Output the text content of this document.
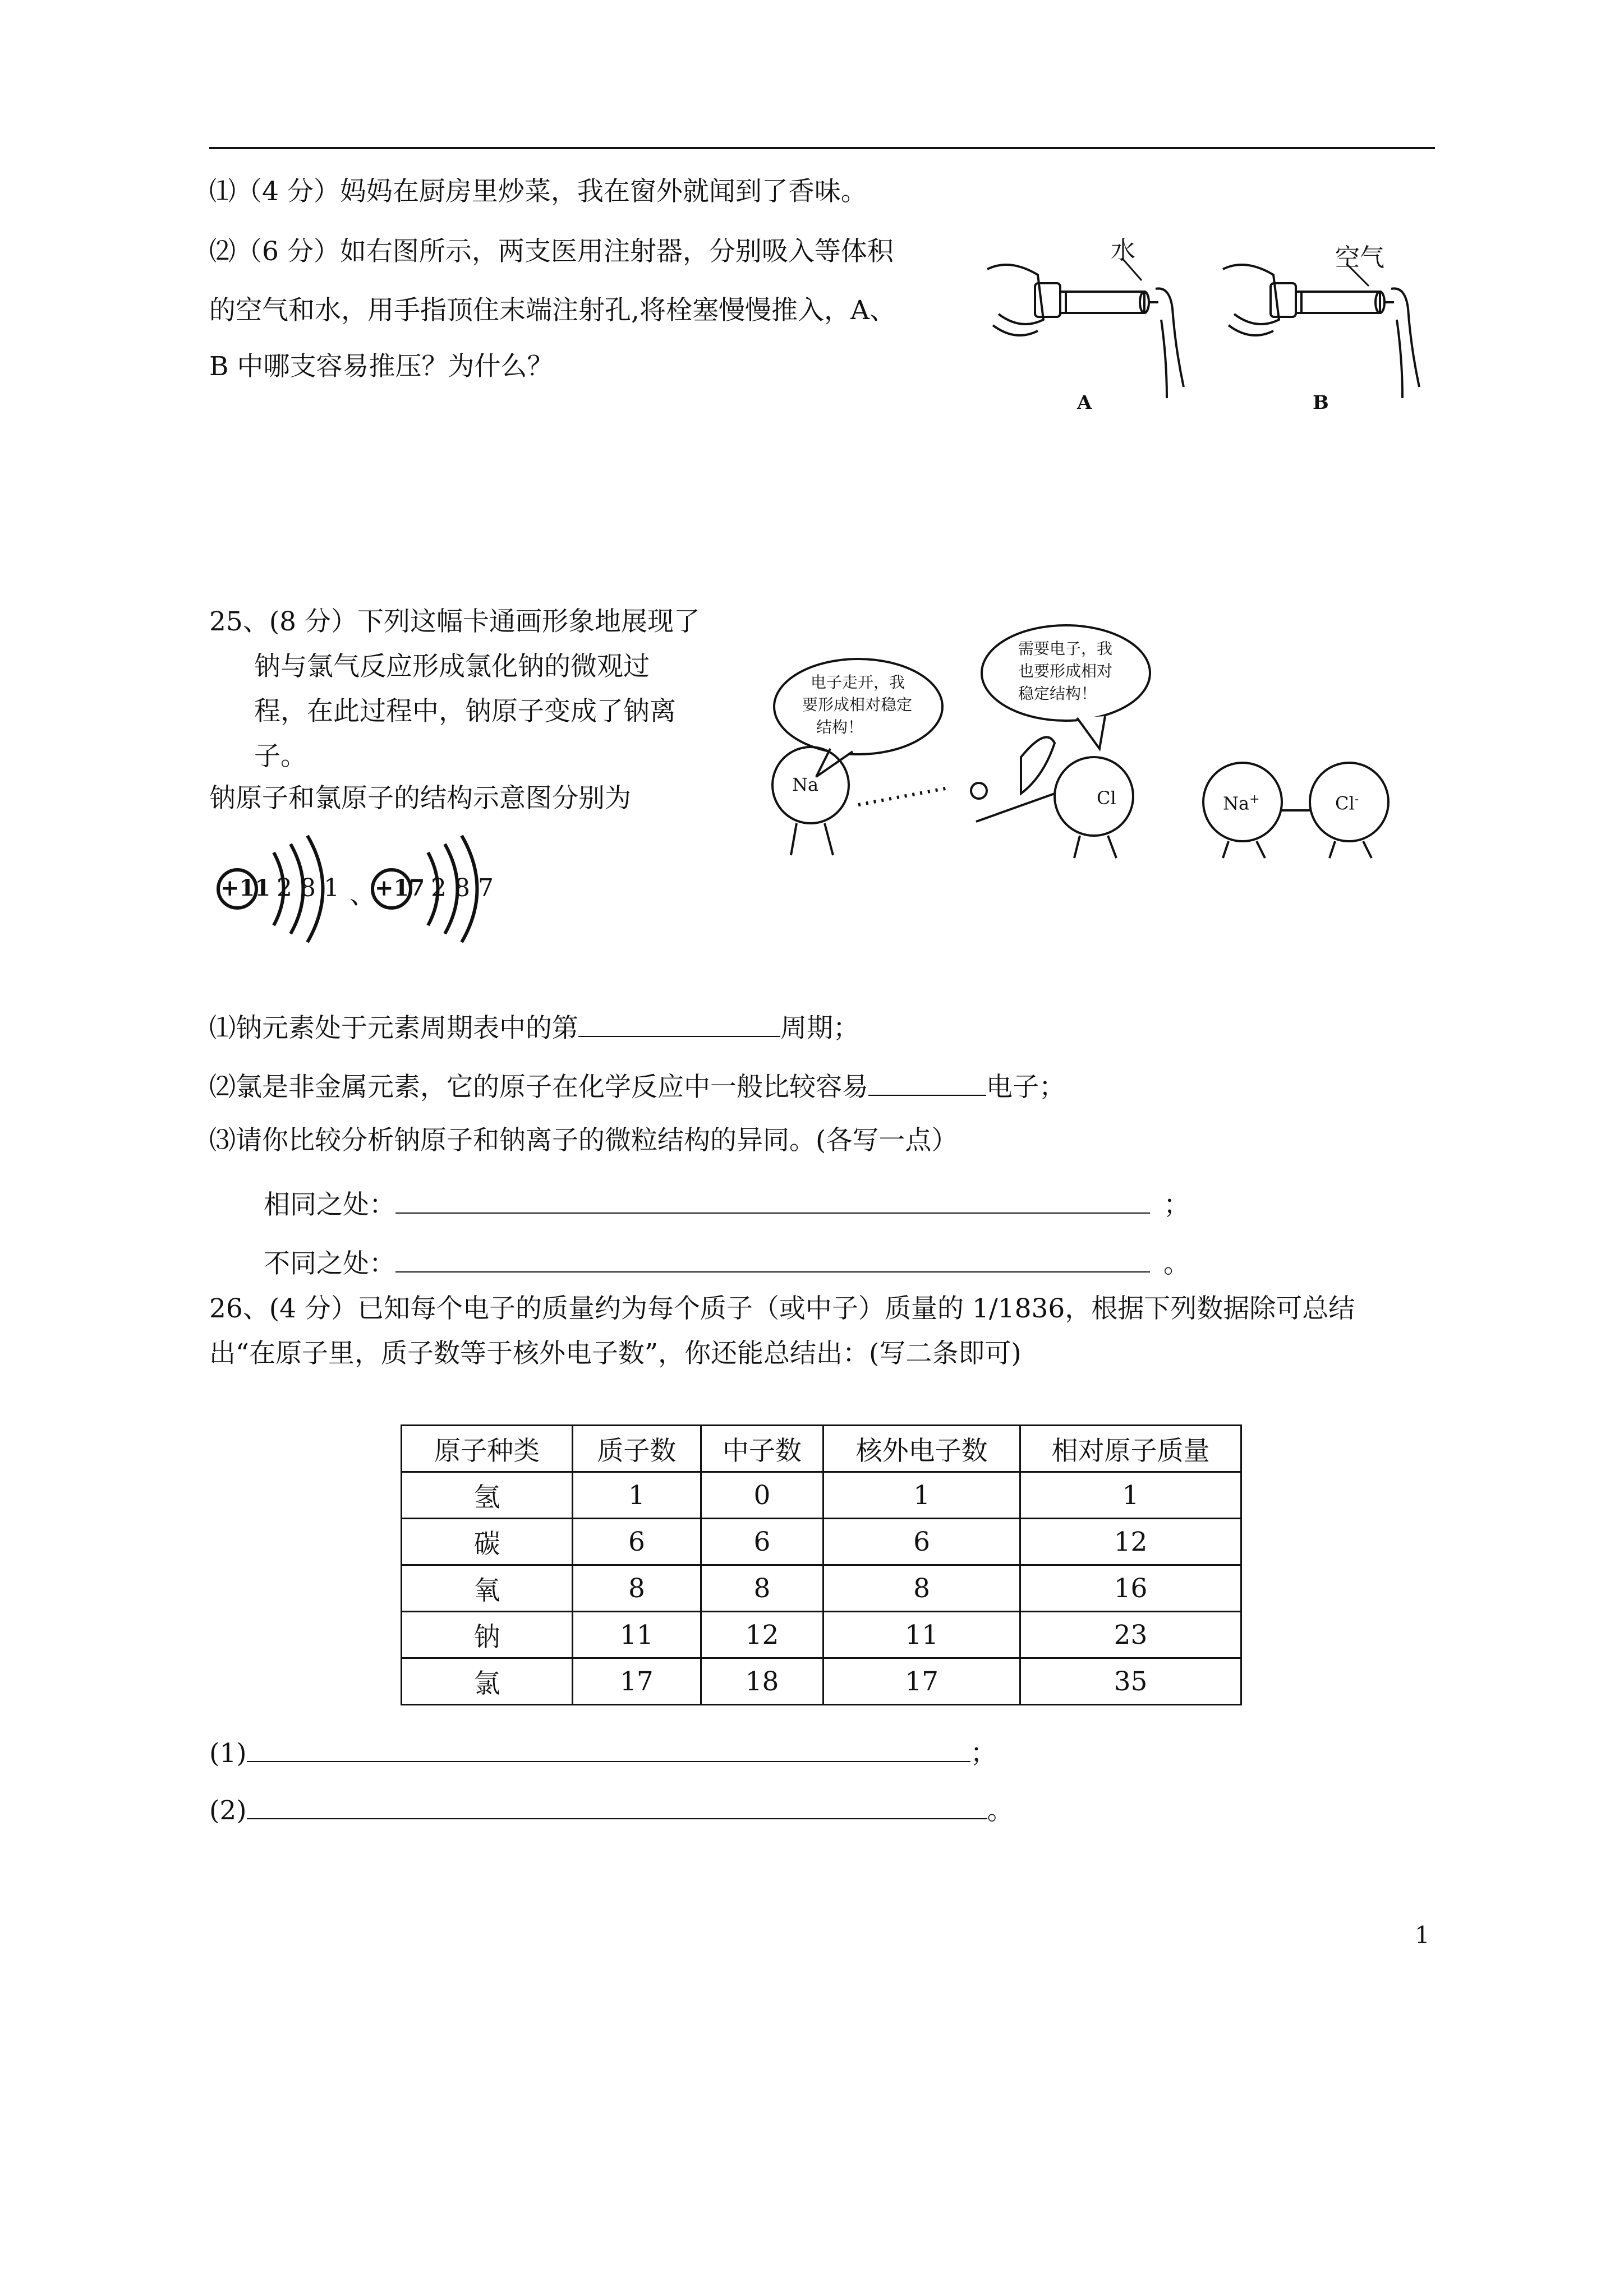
⑴（4 分）妈妈在厨房里炒菜，我在窗外就闻到了香味。
⑵（6 分）如右图所示，两支医用注射器，分别吸入等体积
的空气和水，用手指顶住末端注射孔,将栓塞慢慢推入，A、
B 中哪支容易推压？为什么？
水	空气
A	B
25、(8 分）下列这幅卡通画形象地展现了
钠与氯气反应形成氯化钠的微观过
程，在此过程中，钠原子变成了钠离
子。
钠原子和氯原子的结构示意图分别为
+11 2 8 1 、
+17 2 8 7
电子走开，我
要形成相对稳定
结构！
需要电子，我
也要形成相对
稳定结构！
Na
Cl	Na+	Cl-
⑴钠元素处于元素周期表中的第	周期；
⑵氯是非金属元素，它的原子在化学反应中一般比较容易	电子；
⑶请你比较分析钠原子和钠离子的微粒结构的异同。(各写一点）
相同之处：	；
不同之处：	。
26、(4 分）已知每个电子的质量约为每个质子（或中子）质量的 1/1836，根据下列数据除可总结
出“在原子里，质子数等于核外电子数”，你还能总结出：(写二条即可)
原子种类	质子数	中子数	核外电子数	相对原子质量
氢	1	0	1	1
碳	6	6	6	12
氧	8	8	8	16
钠	11	12	11	23
氯	17	18	17	35
(1)	；
(2)	。
1
